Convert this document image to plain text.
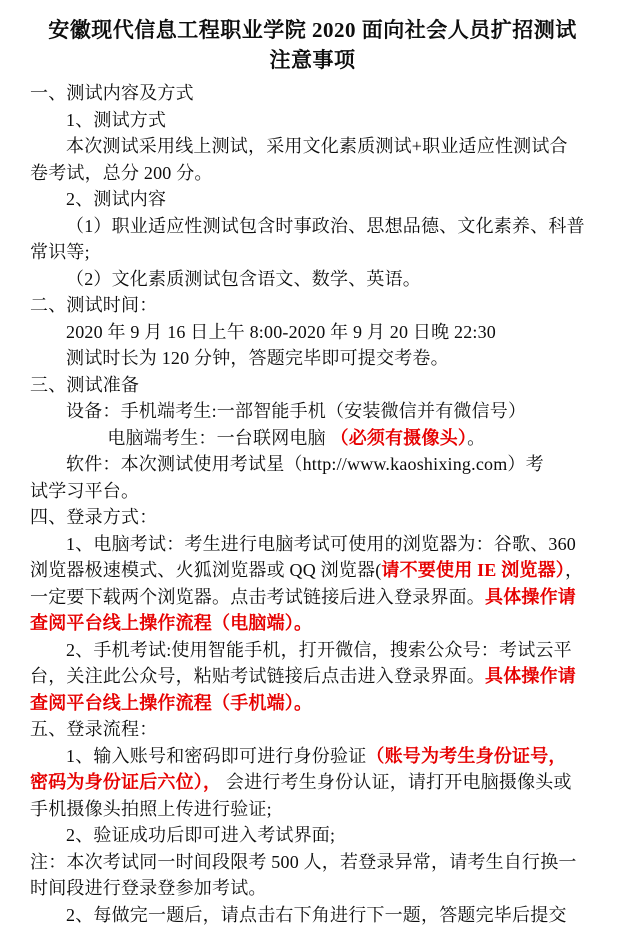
安徽现代信息工程职业学院 2020 面向社会人员扩招测试
注意事项
一、测试内容及方式
1、测试方式
本次测试采用线上测试，采用文化素质测试+职业适应性测试合
卷考试，总分 200 分。
2、测试内容
（1）职业适应性测试包含时事政治、思想品德、文化素养、科普
常识等;
（2）文化素质测试包含语文、数学、英语。
二、测试时间：
2020 年 9 月 16 日上午 8:00-2020 年 9 月 20 日晚 22:30
测试时长为 120 分钟，答题完毕即可提交考卷。
三、测试准备
设备：手机端考生:一部智能手机（安装微信并有微信号）
电脑端考生：一台联网电脑 （必须有摄像头）。
软件：本次测试使用考试星（http://www.kaoshixing.com）考
试学习平台。
四、登录方式：
1、电脑考试：考生进行电脑考试可使用的浏览器为：谷歌、360
浏览器极速模式、火狐浏览器或 QQ 浏览器(请不要使用 IE 浏览器），
一定要下载两个浏览器。点击考试链接后进入登录界面。具体操作请
查阅平台线上操作流程（电脑端）。
2、手机考试:使用智能手机，打开微信，搜索公众号：考试云平
台，关注此公众号，粘贴考试链接后点击进入登录界面。具体操作请
查阅平台线上操作流程（手机端）。
五、登录流程：
1、输入账号和密码即可进行身份验证（账号为考生身份证号，
密码为身份证后六位）， 会进行考生身份认证，请打开电脑摄像头或
手机摄像头拍照上传进行验证;
2、验证成功后即可进入考试界面;
注：本次考试同一时间段限考 500 人，若登录异常，请考生自行换一
时间段进行登录登参加考试。
2、每做完一题后，请点击右下角进行下一题，答题完毕后提交
